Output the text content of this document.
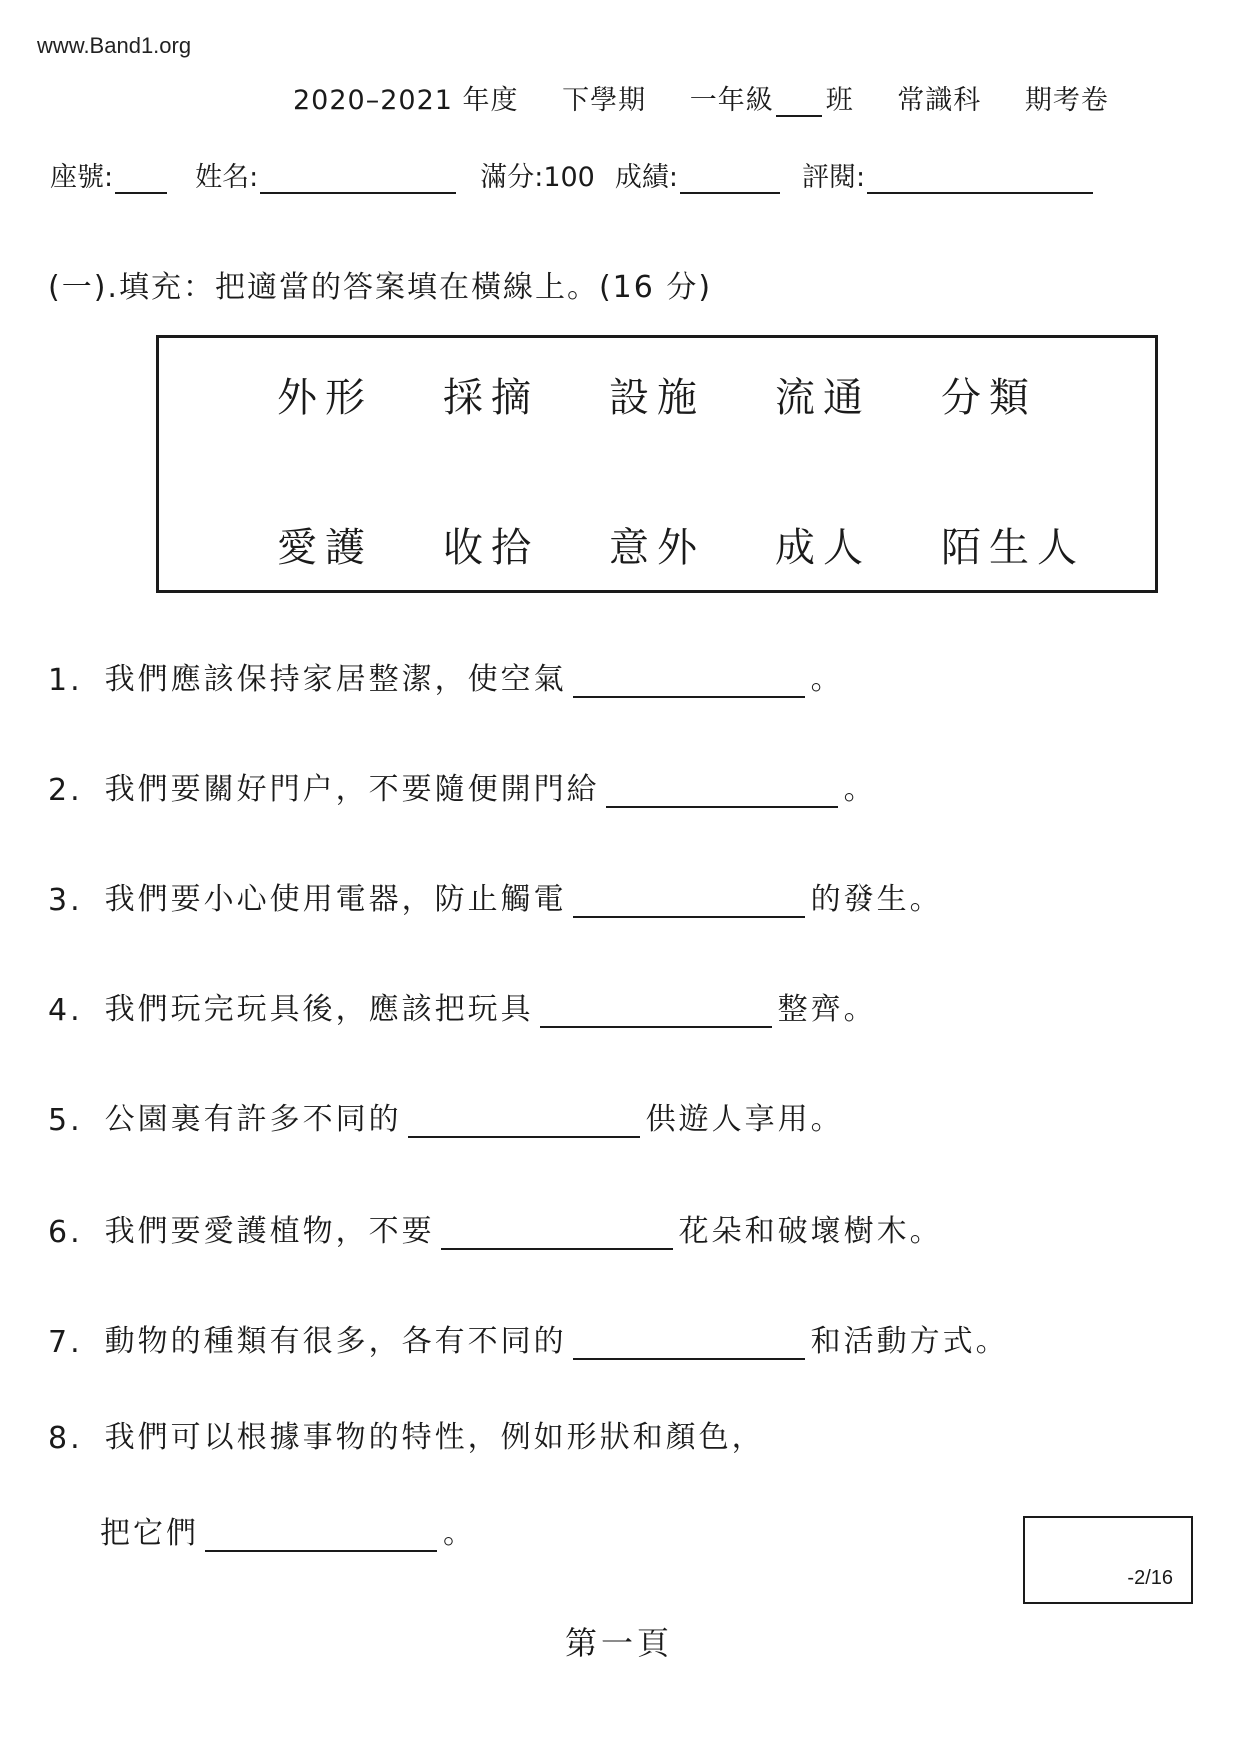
www.Band1.org
2020–2021 年度 下學期 一年級 班 常識科 期考卷
座號:	姓名:	滿分:100 成績:	評閱:
(一).填充：把適當的答案填在橫線上。(16 分)
外形 採摘 設施 流通 分類
愛護 收拾 意外 成人 陌生人
1. 我們應該保持家居整潔，使空氣	。
2. 我們要關好門户，不要隨便開門給	。
3. 我們要小心使用電器，防止觸電	的發生。
4. 我們玩完玩具後，應該把玩具	整齊。
5. 公園裏有許多不同的	供遊人享用。
6. 我們要愛護植物，不要	花朵和破壞樹木。
7. 動物的種類有很多，各有不同的	和活動方式。
8. 我們可以根據事物的特性，例如形狀和顏色，
把它們	。
-2/16
第一頁
